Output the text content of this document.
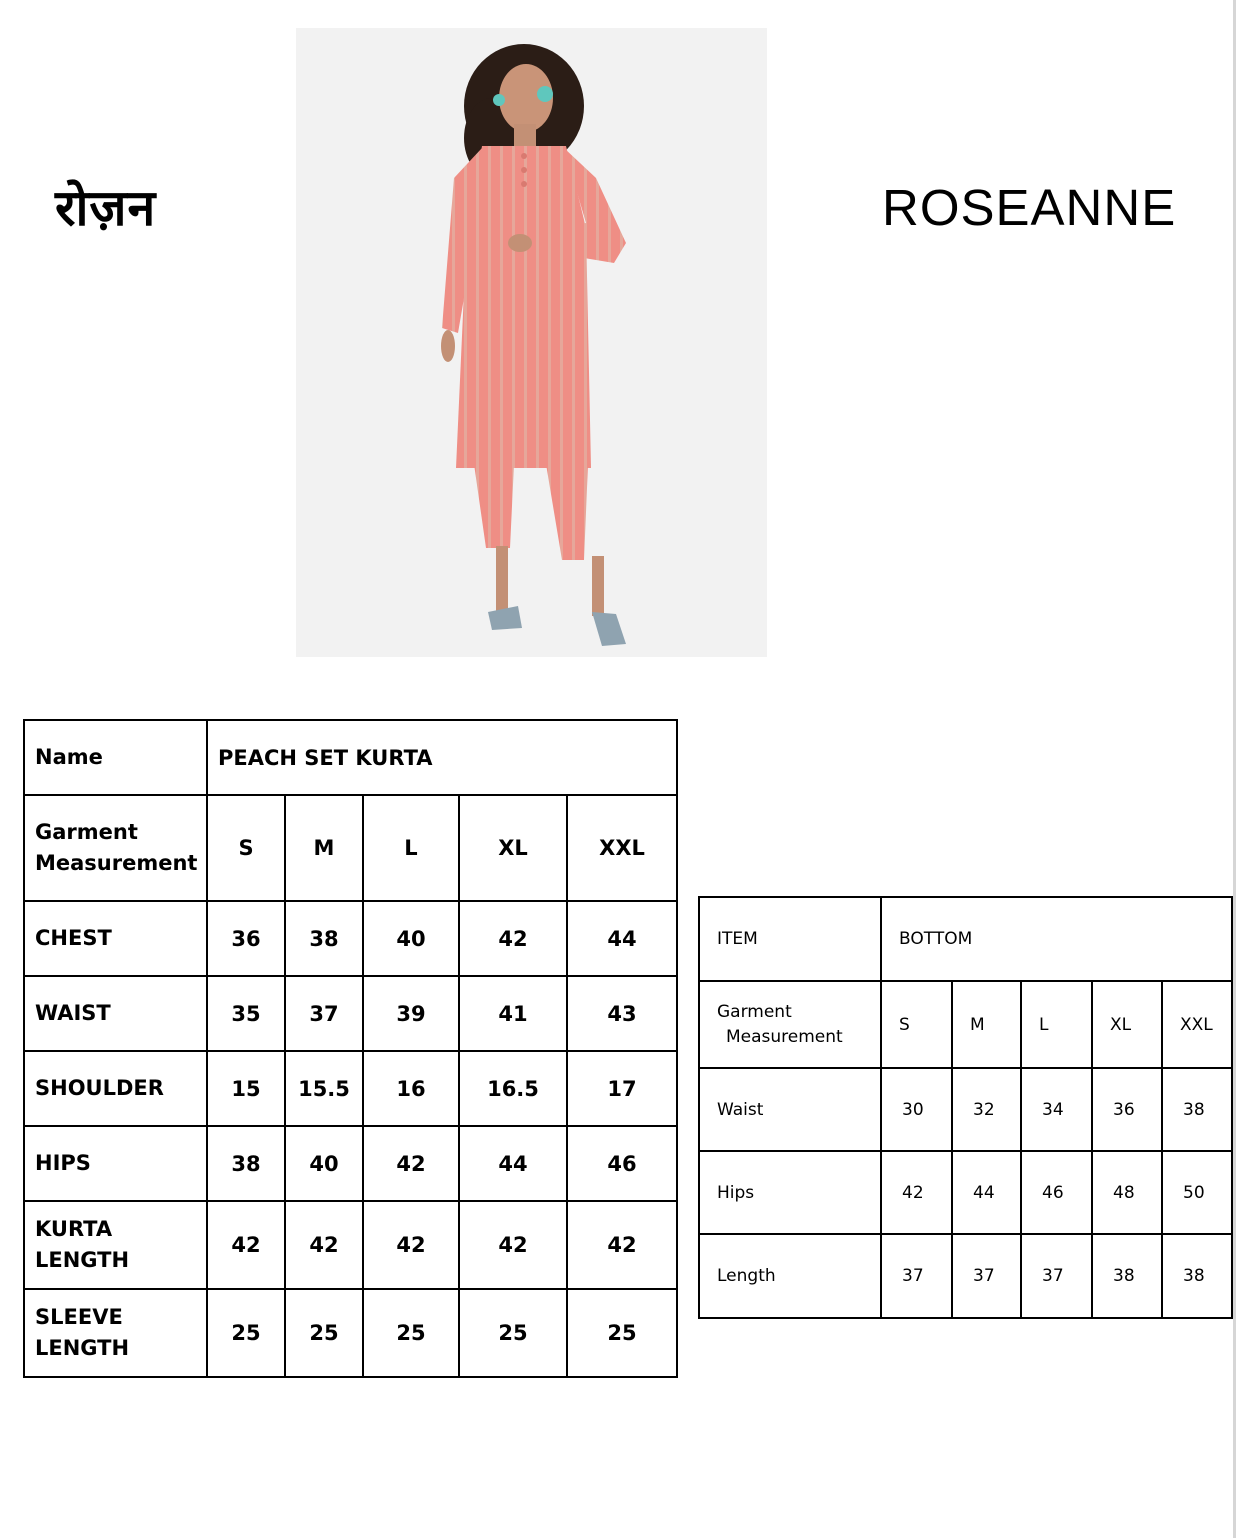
रोज़न	ROSEANNE
Name	PEACH SET KURTA				

Garment
Measurement	S	M	L	XL	XXL
CHEST	36	38	40	42	44
WAIST	35	37	39	41	43
SHOULDER	15	15.5	16	16.5	17
HIPS	38	40	42	44	46

KURTA
LENGTH	42	42	42	42	42

SLEEVE
LENGTH	25	25	25	25	25
ITEM	BOTTOM				

Garment
Measurement	S	M	L	XL	XXL
Waist	30	32	34	36	38
Hips	42	44	46	48	50
Length	37	37	37	38	38
